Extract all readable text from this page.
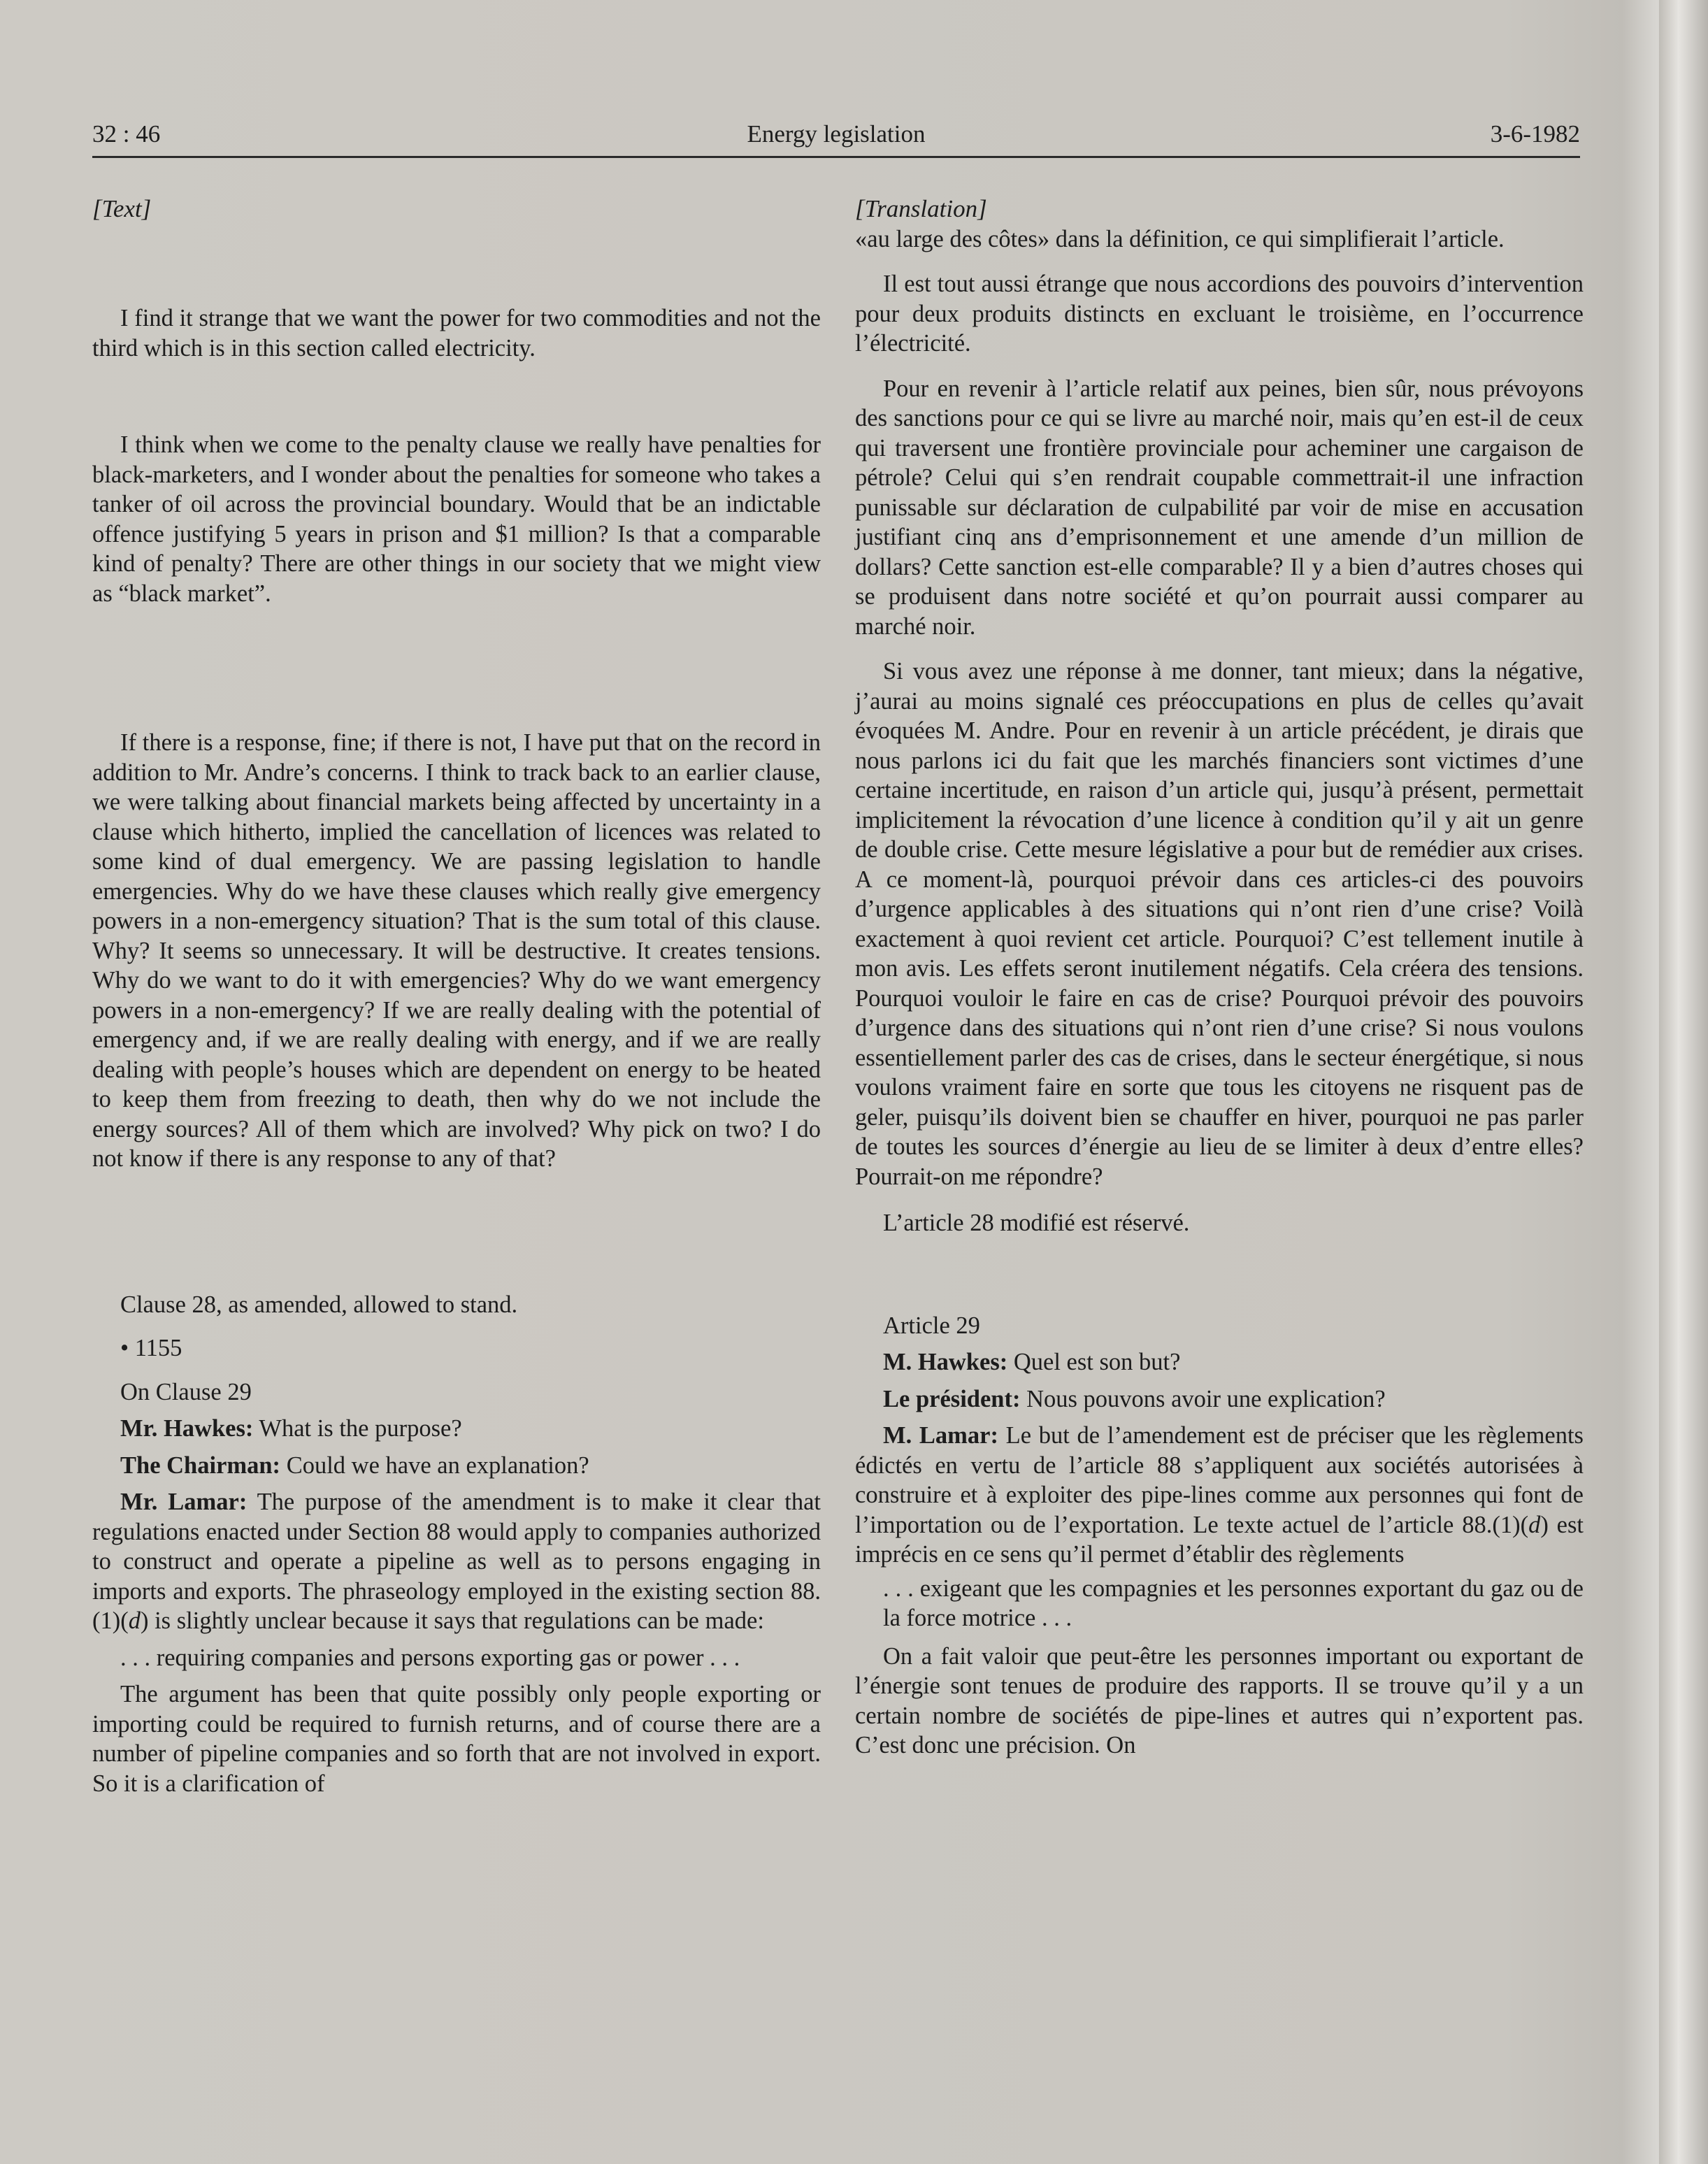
32 : 46	Energy legislation	3-6-1982

[Text]

I find it strange that we want the power for two commodities and not the third which is in this section called electricity.

I think when we come to the penalty clause we really have penalties for black-marketers, and I wonder about the penalties for someone who takes a tanker of oil across the provincial boundary. Would that be an indictable offence justifying 5 years in prison and $1 million? Is that a comparable kind of penalty? There are other things in our society that we might view as “black market”.

If there is a response, fine; if there is not, I have put that on the record in addition to Mr. Andre’s concerns. I think to track back to an earlier clause, we were talking about financial markets being affected by uncertainty in a clause which hitherto, implied the cancellation of licences was related to some kind of dual emergency. We are passing legislation to handle emergencies. Why do we have these clauses which really give emergency powers in a non-emergency situation? That is the sum total of this clause. Why? It seems so unnecessary. It will be destructive. It creates tensions. Why do we want to do it with emergencies? Why do we want emergency powers in a non-emergency? If we are really dealing with the potential of emergency and, if we are really dealing with energy, and if we are really dealing with people’s houses which are dependent on energy to be heated to keep them from freezing to death, then why do we not include the energy sources? All of them which are involved? Why pick on two? I do not know if there is any response to any of that?

Clause 28, as amended, allowed to stand.

• 1155

On Clause 29

Mr. Hawkes: What is the purpose?

The Chairman: Could we have an explanation?

Mr. Lamar: The purpose of the amendment is to make it clear that regulations enacted under Section 88 would apply to companies authorized to construct and operate a pipeline as well as to persons engaging in imports and exports. The phraseology employed in the existing section 88.(1)(d) is slightly unclear because it says that regulations can be made:

. . . requiring companies and persons exporting gas or power . . .

The argument has been that quite possibly only people exporting or importing could be required to furnish returns, and of course there are a number of pipeline companies and so forth that are not involved in export. So it is a clarification of

[Translation]

«au large des côtes» dans la définition, ce qui simplifierait l’article.

Il est tout aussi étrange que nous accordions des pouvoirs d’intervention pour deux produits distincts en excluant le troisième, en l’occurrence l’électricité.

Pour en revenir à l’article relatif aux peines, bien sûr, nous prévoyons des sanctions pour ce qui se livre au marché noir, mais qu’en est-il de ceux qui traversent une frontière provinciale pour acheminer une cargaison de pétrole? Celui qui s’en rendrait coupable commettrait-il une infraction punissable sur déclaration de culpabilité par voir de mise en accusation justifiant cinq ans d’emprisonnement et une amende d’un million de dollars? Cette sanction est-elle comparable? Il y a bien d’autres choses qui se produisent dans notre société et qu’on pourrait aussi comparer au marché noir.

Si vous avez une réponse à me donner, tant mieux; dans la négative, j’aurai au moins signalé ces préoccupations en plus de celles qu’avait évoquées M. Andre. Pour en revenir à un article précédent, je dirais que nous parlons ici du fait que les marchés financiers sont victimes d’une certaine incertitude, en raison d’un article qui, jusqu’à présent, permettait implicitement la révocation d’une licence à condition qu’il y ait un genre de double crise. Cette mesure législative a pour but de remédier aux crises. A ce moment-là, pourquoi prévoir dans ces articles-ci des pouvoirs d’urgence applicables à des situations qui n’ont rien d’une crise? Voilà exactement à quoi revient cet article. Pourquoi? C’est tellement inutile à mon avis. Les effets seront inutilement négatifs. Cela créera des tensions. Pourquoi vouloir le faire en cas de crise? Pourquoi prévoir des pouvoirs d’urgence dans des situations qui n’ont rien d’une crise? Si nous voulons essentiellement parler des cas de crises, dans le secteur énergétique, si nous voulons vraiment faire en sorte que tous les citoyens ne risquent pas de geler, puisqu’ils doivent bien se chauffer en hiver, pourquoi ne pas parler de toutes les sources d’énergie au lieu de se limiter à deux d’entre elles? Pourrait-on me répondre?

L’article 28 modifié est réservé.

Article 29

M. Hawkes: Quel est son but?

Le président: Nous pouvons avoir une explication?

M. Lamar: Le but de l’amendement est de préciser que les règlements édictés en vertu de l’article 88 s’appliquent aux sociétés autorisées à construire et à exploiter des pipe-lines comme aux personnes qui font de l’importation ou de l’exportation. Le texte actuel de l’article 88.(1)(d) est imprécis en ce sens qu’il permet d’établir des règlements

. . . exigeant que les compagnies et les personnes exportant du gaz ou de la force motrice . . .

On a fait valoir que peut-être les personnes important ou exportant de l’énergie sont tenues de produire des rapports. Il se trouve qu’il y a un certain nombre de sociétés de pipe-lines et autres qui n’exportent pas. C’est donc une précision. On
